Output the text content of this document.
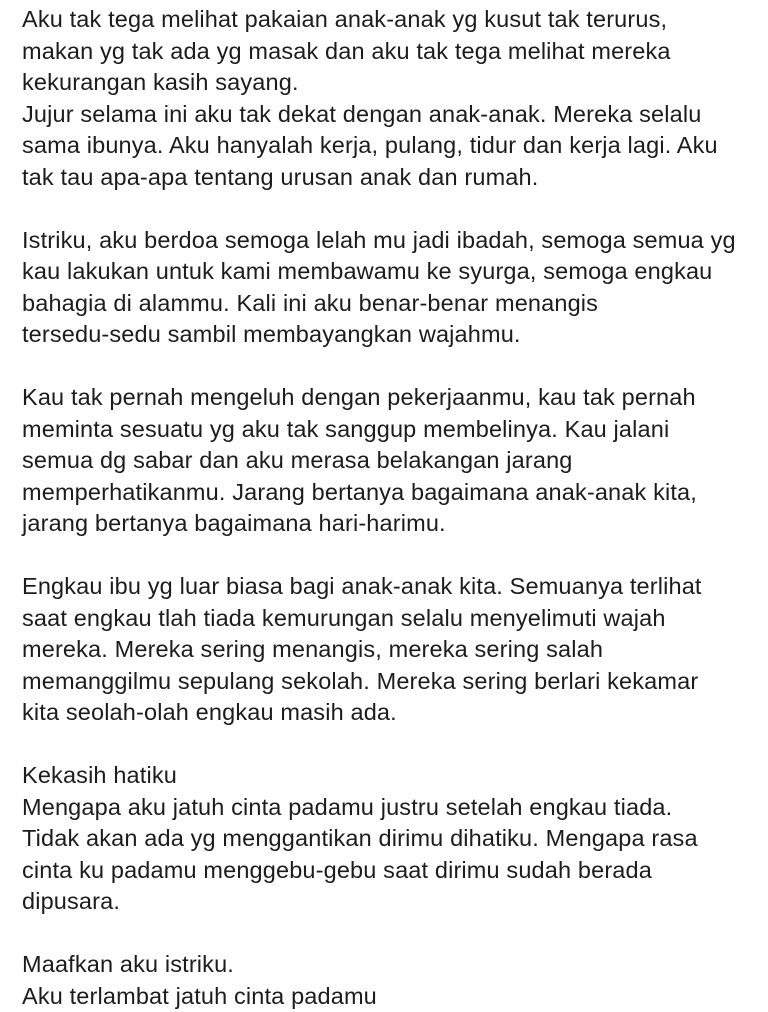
Aku tak tega melihat pakaian anak-anak yg kusut tak terurus,
makan yg tak ada yg masak dan aku tak tega melihat mereka
kekurangan kasih sayang.
Jujur selama ini aku tak dekat dengan anak-anak. Mereka selalu
sama ibunya. Aku hanyalah kerja, pulang, tidur dan kerja lagi. Aku
tak tau apa-apa tentang urusan anak dan rumah.
Istriku, aku berdoa semoga lelah mu jadi ibadah, semoga semua yg
kau lakukan untuk kami membawamu ke syurga, semoga engkau
bahagia di alammu. Kali ini aku benar-benar menangis
tersedu-sedu sambil membayangkan wajahmu.
Kau tak pernah mengeluh dengan pekerjaanmu, kau tak pernah
meminta sesuatu yg aku tak sanggup membelinya. Kau jalani
semua dg sabar dan aku merasa belakangan jarang
memperhatikanmu. Jarang bertanya bagaimana anak-anak kita,
jarang bertanya bagaimana hari-harimu.
Engkau ibu yg luar biasa bagi anak-anak kita. Semuanya terlihat
saat engkau tlah tiada kemurungan selalu menyelimuti wajah
mereka. Mereka sering menangis, mereka sering salah
memanggilmu sepulang sekolah. Mereka sering berlari kekamar
kita seolah-olah engkau masih ada.
Kekasih hatiku
Mengapa aku jatuh cinta padamu justru setelah engkau tiada.
Tidak akan ada yg menggantikan dirimu dihatiku. Mengapa rasa
cinta ku padamu menggebu-gebu saat dirimu sudah berada
dipusara.
Maafkan aku istriku.
Aku terlambat jatuh cinta padamu
